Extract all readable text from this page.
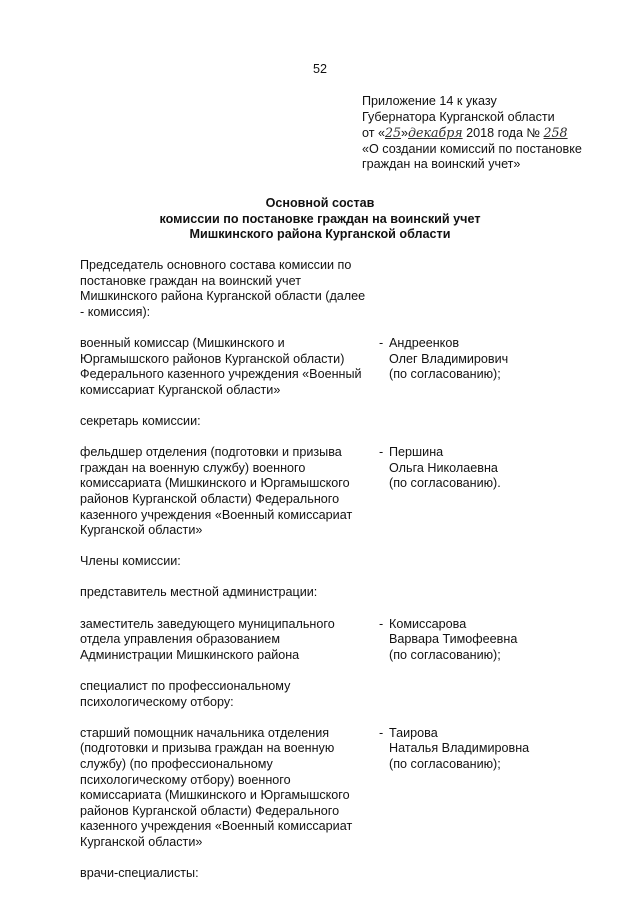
52
Приложение 14 к указу
Губернатора Курганской области
от «25»декабря 2018 года № 258
«О создании комиссий по постановке
граждан на воинский учет»
Основной состав
комиссии по постановке граждан на воинский учет
Мишкинского района Курганской области
Председатель основного состава комиссии по постановке граждан на воинский учет Мишкинского района Курганской области (далее - комиссия):
военный комиссар (Мишкинского и Юргамышского районов Курганской области) Федерального казенного учреждения «Военный комиссариат Курганской области»
- Андреенков
Олег Владимирович
(по согласованию);
секретарь комиссии:
фельдшер отделения (подготовки и призыва граждан на военную службу) военного комиссариата (Мишкинского и Юргамышского районов Курганской области) Федерального казенного учреждения «Военный комиссариат Курганской области»
- Першина
Ольга Николаевна
(по согласованию).
Члены комиссии:
представитель местной администрации:
заместитель заведующего муниципального отдела управления образованием Администрации Мишкинского района
- Комиссарова
Варвара Тимофеевна
(по согласованию);
специалист по профессиональному психологическому отбору:
старший помощник начальника отделения (подготовки и призыва граждан на военную службу) (по профессиональному психологическому отбору) военного комиссариата (Мишкинского и Юргамышского районов Курганской области) Федерального казенного учреждения «Военный комиссариат Курганской области»
- Таирова
Наталья Владимировна
(по согласованию);
врачи-специалисты:
